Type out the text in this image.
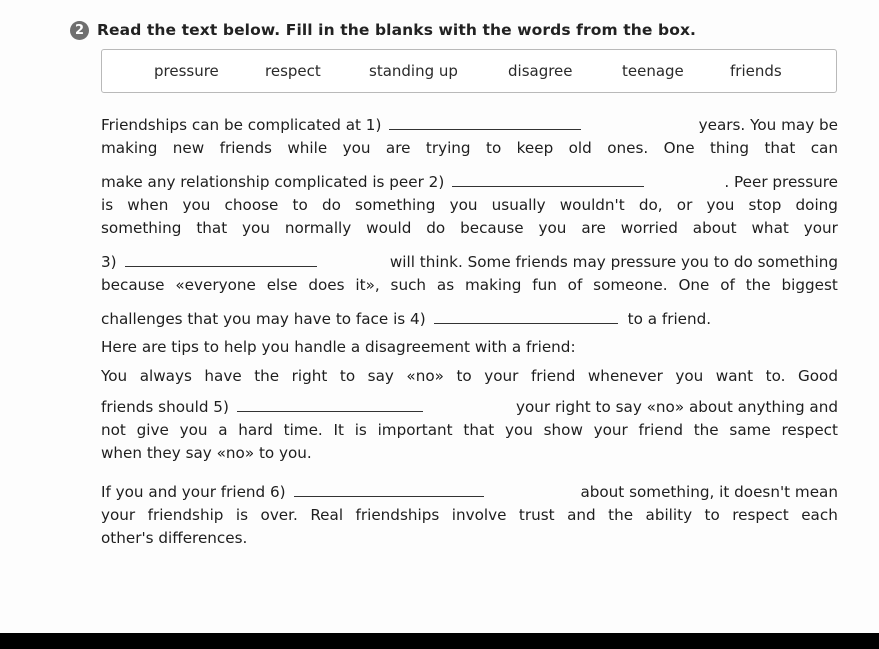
2 Read the text below. Fill in the blanks with the words from the box.
pressure	respect	standing up	disagree	teenage	friends
Friendships can be complicated at 1)	years. You may be
making new friends while you are trying to keep old ones. One thing that can
make any relationship complicated is peer 2)	. Peer pressure
is when you choose to do something you usually wouldn't do, or you stop doing
something that you normally would do because you are worried about what your
3)	will think. Some friends may pressure you to do something
because «everyone else does it», such as making fun of someone. One of the biggest
challenges that you may have to face is 4)	to a friend.
Here are tips to help you handle a disagreement with a friend:
You always have the right to say «no» to your friend whenever you want to. Good
friends should 5)	your right to say «no» about anything and
not give you a hard time. It is important that you show your friend the same respect
when they say «no» to you.
If you and your friend 6)	about something, it doesn't mean
your friendship is over. Real friendships involve trust and the ability to respect each
other's differences.
